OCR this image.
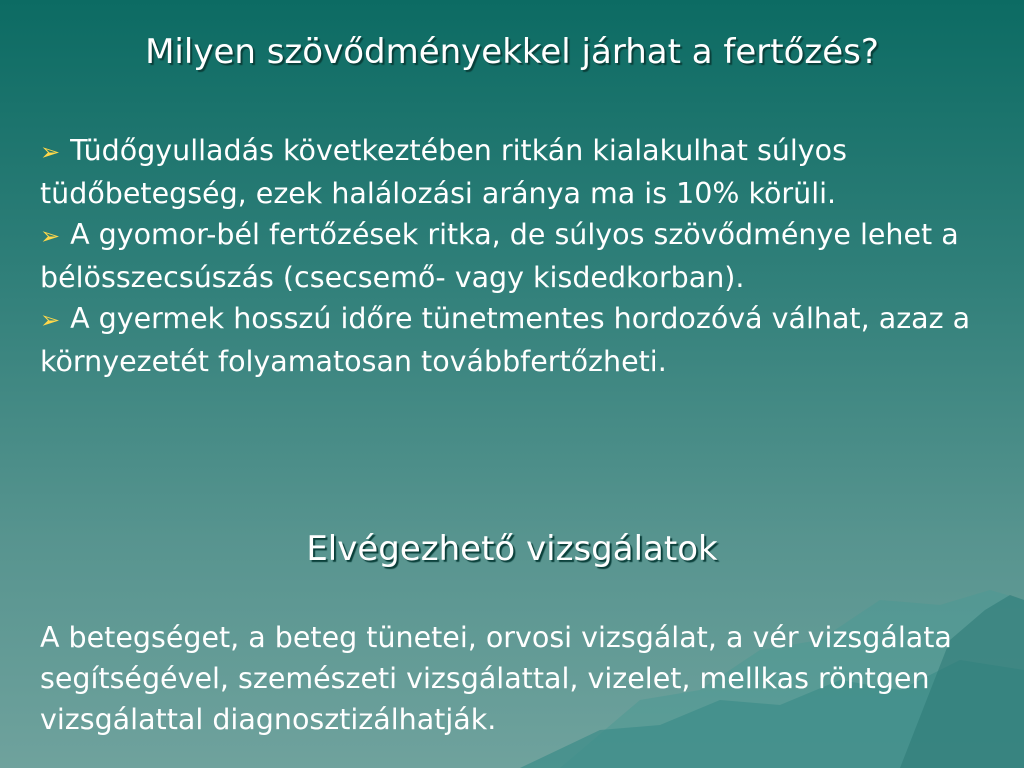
Milyen szövődményekkel járhat a fertőzés?
➢ Tüdőgyulladás következtében ritkán kialakulhat súlyos tüdőbetegség, ezek halálozási aránya ma is 10% körüli.
➢ A gyomor-bél fertőzések ritka, de súlyos szövődménye lehet a bélösszecsúszás (csecsemő- vagy kisdedkorban).
➢ A gyermek hosszú időre tünetmentes hordozóvá válhat, azaz a környezetét folyamatosan továbbfertőzheti.
Elvégezhető vizsgálatok

A betegséget, a beteg tünetei, orvosi vizsgálat, a vér vizsgálata segítségével, szemészeti vizsgálattal, vizelet, mellkas röntgen vizsgálattal diagnosztizálhatják.
